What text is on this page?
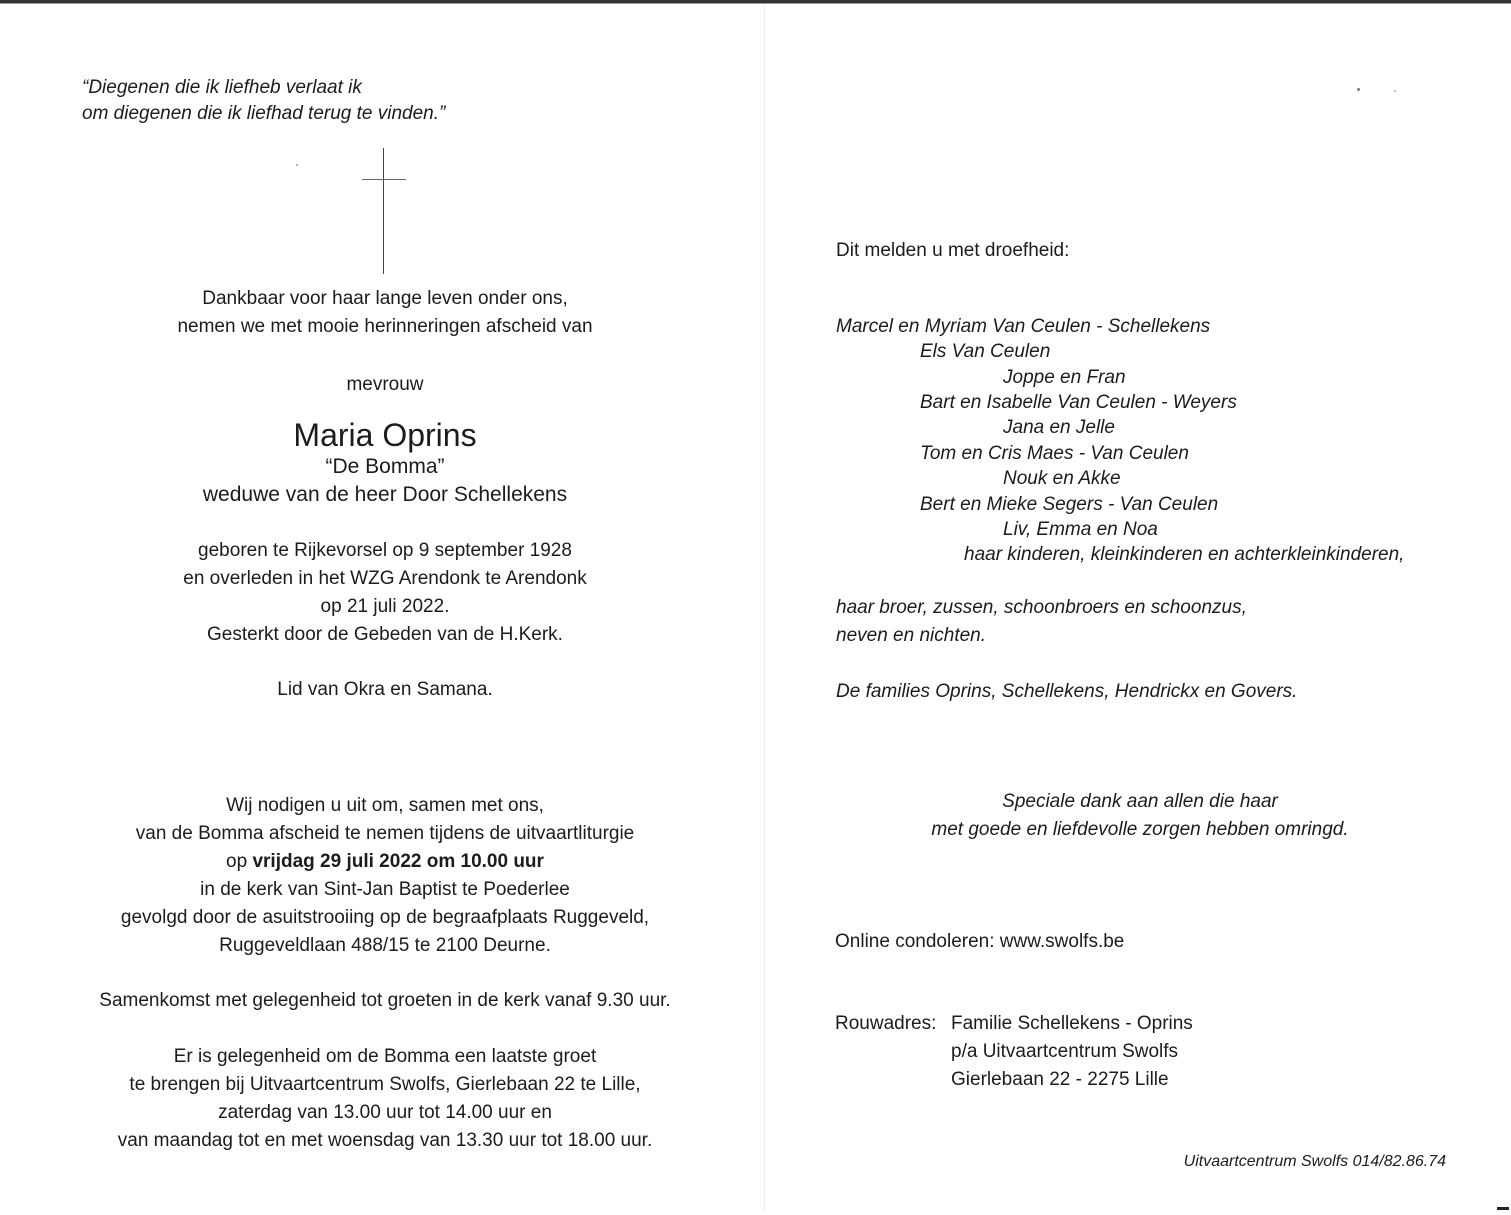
“Diegenen die ik liefheb verlaat ik

om diegenen die ik liefhad terug te vinden.”

Dankbaar voor haar lange leven onder ons,
nemen we met mooie herinneringen afscheid van
mevrouw
Maria Oprins
“De Bomma”
weduwe van de heer Door Schellekens
geboren te Rijkevorsel op 9 september 1928
en overleden in het WZG Arendonk te Arendonk
op 21 juli 2022.
Gesterkt door de Gebeden van de H.Kerk.
Lid van Okra en Samana.
Wij nodigen u uit om, samen met ons,
van de Bomma afscheid te nemen tijdens de uitvaartliturgie
op vrijdag 29 juli 2022 om 10.00 uur
in de kerk van Sint-Jan Baptist te Poederlee
gevolgd door de asuitstrooiing op de begraafplaats Ruggeveld,
Ruggeveldlaan 488/15 te 2100 Deurne.
Samenkomst met gelegenheid tot groeten in de kerk vanaf 9.30 uur.
Er is gelegenheid om de Bomma een laatste groet
te brengen bij Uitvaartcentrum Swolfs, Gierlebaan 22 te Lille,
zaterdag van 13.00 uur tot 14.00 uur en
van maandag tot en met woensdag van 13.30 uur tot 18.00 uur.
Dit melden u met droefheid:
Marcel en Myriam Van Ceulen - Schellekens
Els Van Ceulen
Joppe en Fran
Bart en Isabelle Van Ceulen - Weyers
Jana en Jelle
Tom en Cris Maes - Van Ceulen
Nouk en Akke
Bert en Mieke Segers - Van Ceulen
Liv, Emma en Noa
haar kinderen, kleinkinderen en achterkleinkinderen,
haar broer, zussen, schoonbroers en schoonzus,
neven en nichten.
De families Oprins, Schellekens, Hendrickx en Govers.
Speciale dank aan allen die haar
met goede en liefdevolle zorgen hebben omringd.
Online condoleren: www.swolfs.be
Rouwadres: Familie Schellekens - Oprins
p/a Uitvaartcentrum Swolfs
Gierlebaan 22 - 2275 Lille
Uitvaartcentrum Swolfs 014/82.86.74
